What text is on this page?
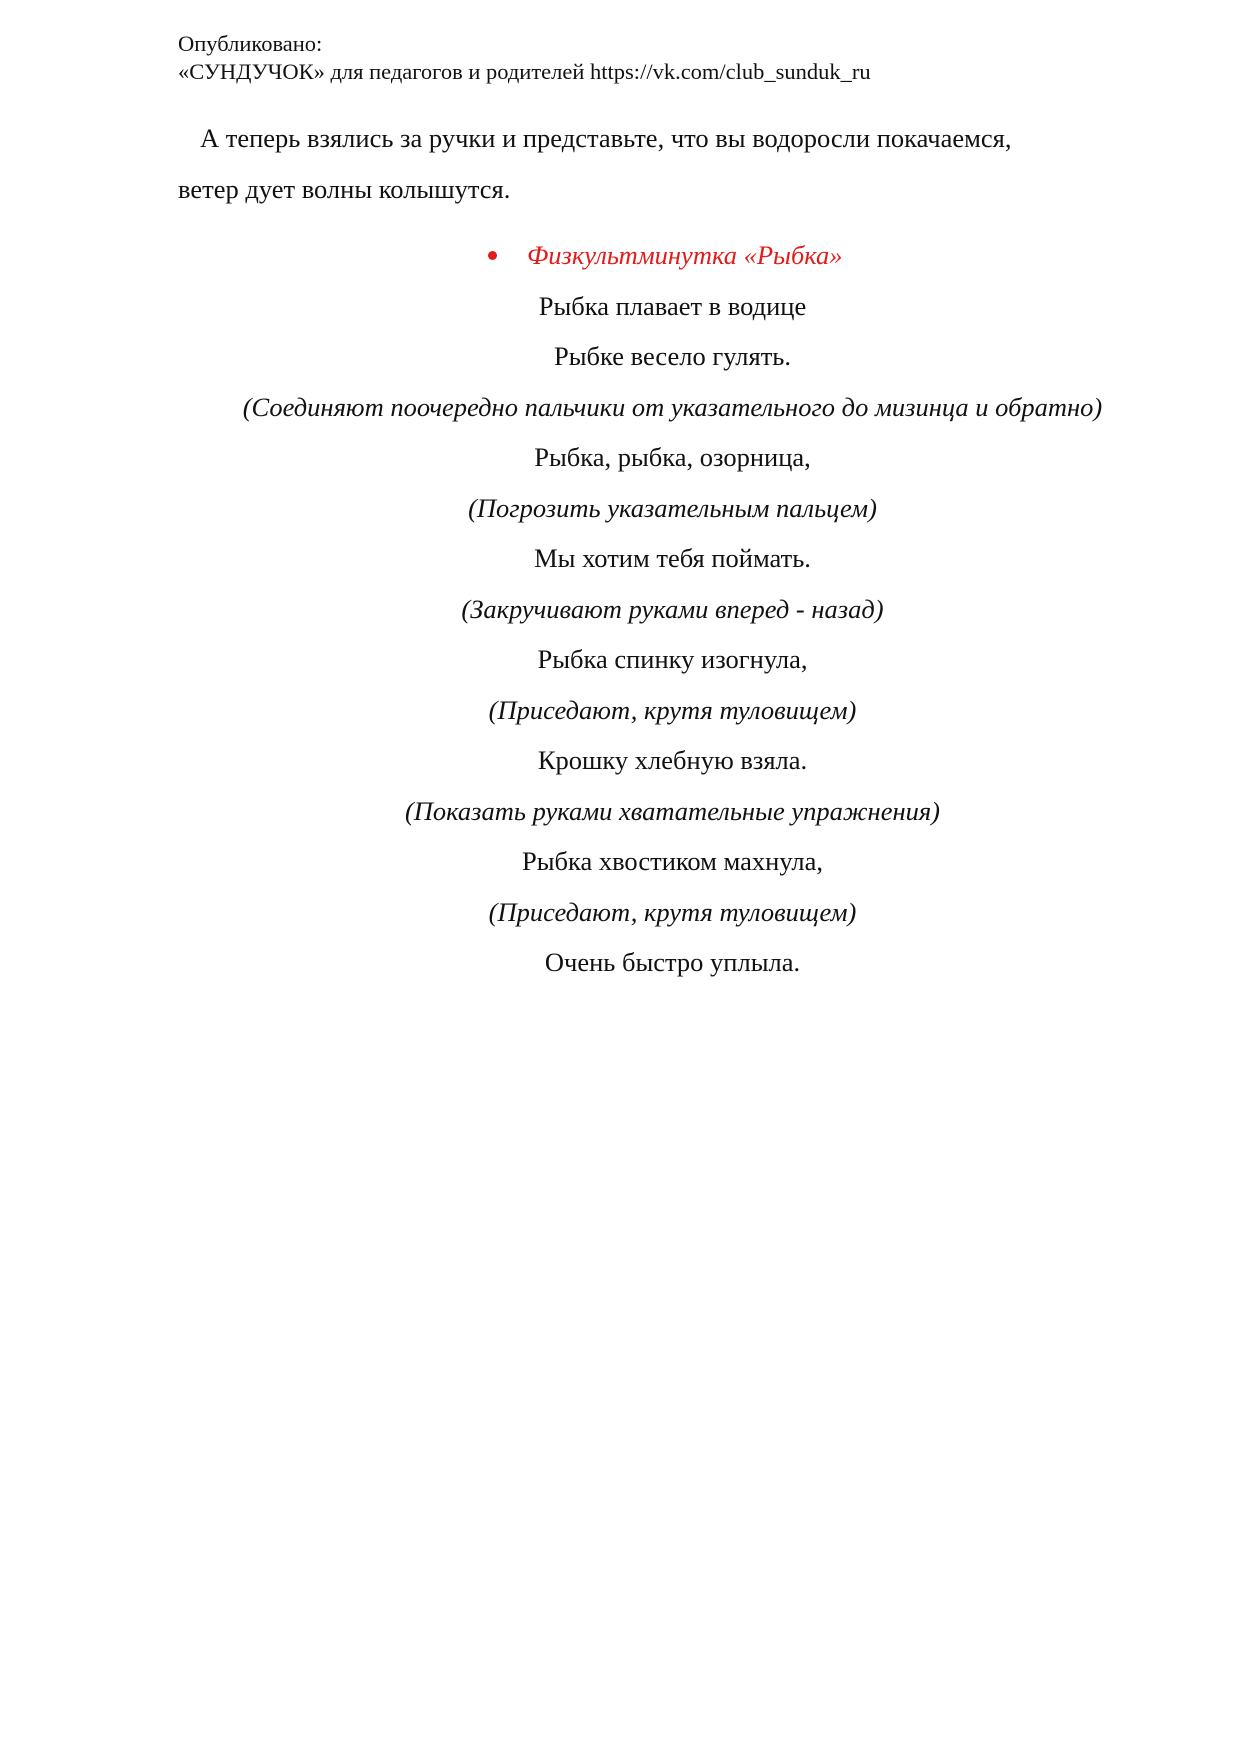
Опубликовано:
«СУНДУЧОК» для педагогов и родителей https://vk.com/club_sunduk_ru
А теперь взялись за ручки и представьте, что вы водоросли покачаемся,
ветер дует волны колышутся.
Физкультминутка «Рыбка»
Рыбка плавает в водице
Рыбке весело гулять.
(Соединяют поочередно пальчики от указательного до мизинца и обратно)
Рыбка, рыбка, озорница,
(Погрозить указательным пальцем)
Мы хотим тебя поймать.
(Закручивают руками вперед - назад)
Рыбка спинку изогнула,
(Приседают, крутя туловищем)
Крошку хлебную взяла.
(Показать руками хватательные упражнения)
Рыбка хвостиком махнула,
(Приседают, крутя туловищем)
Очень быстро уплыла.
